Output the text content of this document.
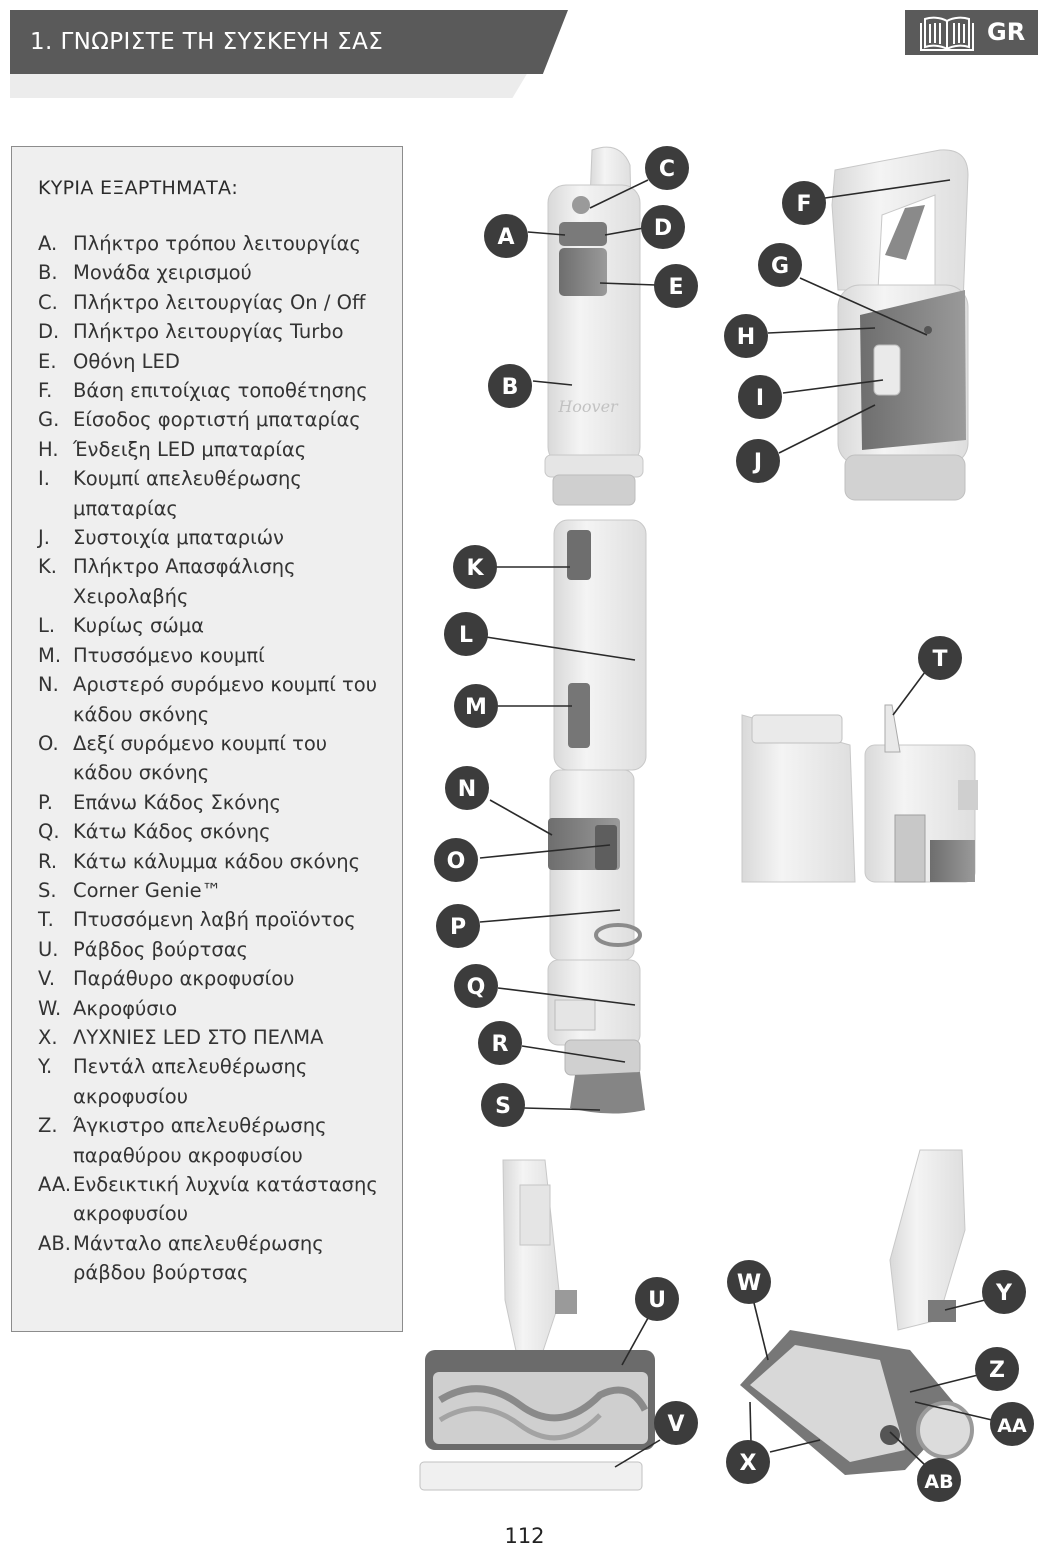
1. ΓΝΩΡΙΣΤΕ ΤΗ ΣΥΣΚΕΥΗ ΣΑΣ	GR
ΚΥΡΙΑ ΕΞΑΡΤΗΜΑΤΑ:
A. Πλήκτρο τρόπου λειτουργίας
B. Μονάδα χειρισμού
C. Πλήκτρο λειτουργίας On / Off
D. Πλήκτρο λειτουργίας Turbo
E. Οθόνη LED
F. Βάση επιτοίχιας τοποθέτησης
G. Είσοδος φορτιστή μπαταρίας
H. Ένδειξη LED μπαταρίας
I. Κουμπί απελευθέρωσης
μπαταρίας
J. Συστοιχία μπαταριών
K. Πλήκτρο Απασφάλισης
Χειρολαβής
L. Κυρίως σώμα
M. Πτυσσόμενο κουμπί
N. Αριστερό συρόμενο κουμπί του
κάδου σκόνης
O. Δεξί συρόμενο κουμπί του
κάδου σκόνης
P. Επάνω Κάδος Σκόνης
Q. Κάτω Κάδος σκόνης
R. Κάτω κάλυμμα κάδου σκόνης
S. Corner Genie™
T. Πτυσσόμενη λαβή προϊόντος
U. Ράβδος βούρτσας
V. Παράθυρο ακροφυσίου
W. Ακροφύσιο
X. ΛΥΧΝΙΕΣ LED ΣΤΟ ΠΕΛΜΑ
Y. Πεντάλ απελευθέρωσης
ακροφυσίου
Z. Άγκιστρο απελευθέρωσης
παραθύρου ακροφυσίου
AA. Ενδεικτική λυχνία κατάστασης
ακροφυσίου
AB. Μάνταλο απελευθέρωσης
ράβδου βούρτσας
Hoover
A
B
C
D
E
F
G
H
I
J
K
L
M
N
O
P
Q
R
S
T
U
V
W
X
Y
Z
AA
AB
112
